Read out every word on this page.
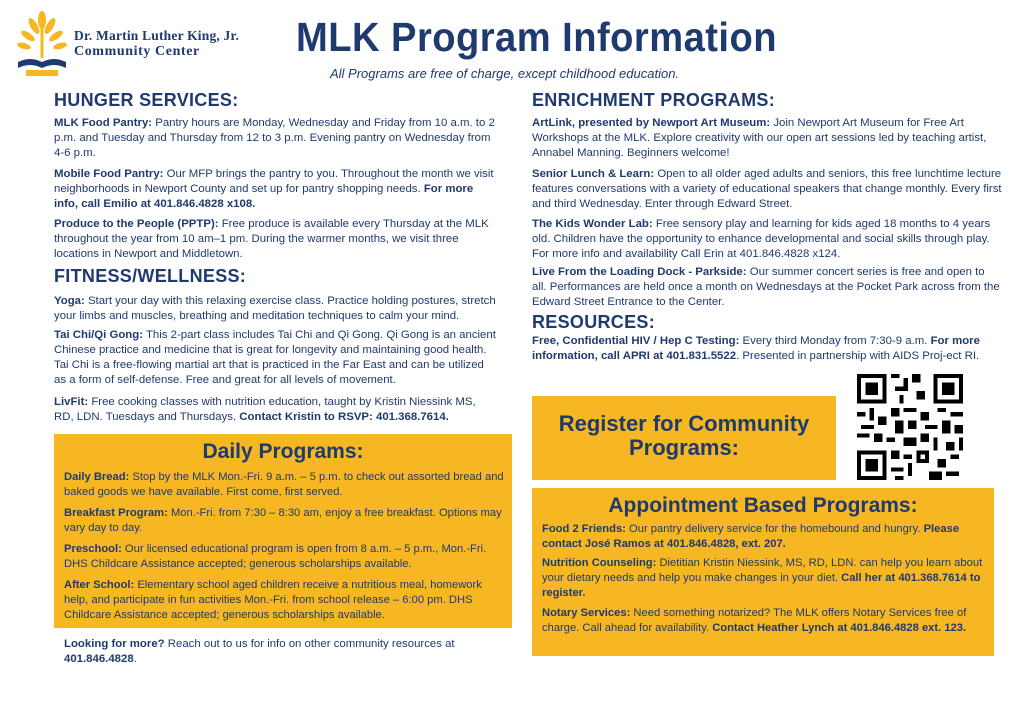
Dr. Martin Luther King, Jr.
Community Center	MLK Program Information
All Programs are free of charge, except childhood education.
HUNGER SERVICES:
MLK Food Pantry: Pantry hours are Monday, Wednesday and Friday from 10 a.m. to 2 p.m. and Tuesday and Thursday from 12 to 3 p.m. Evening pantry on Wednesday from 4-6 p.m.
Mobile Food Pantry: Our MFP brings the pantry to you. Throughout the month we visit neighborhoods in Newport County and set up for pantry shopping needs. For more info, call Emilio at 401.846.4828 x108.
Produce to the People (PPTP): Free produce is available every Thursday at the MLK throughout the year from 10 am–1 pm. During the warmer months, we visit three locations in Newport and Middletown.
FITNESS/WELLNESS:
Yoga: Start your day with this relaxing exercise class. Practice holding postures, stretch your limbs and muscles, breathing and meditation techniques to calm your mind.
Tai Chi/Qi Gong: This 2-part class includes Tai Chi and Qi Gong. Qi Gong is an ancient Chinese practice and medicine that is great for longevity and maintaining good health. Tai Chi is a free-flowing martial art that is practiced in the Far East and can be utilized as a form of self-defense. Free and great for all levels of movement.
LivFit: Free cooking classes with nutrition education, taught by Kristin Niessink MS, RD, LDN. Tuesdays and Thursdays. Contact Kristin to RSVP: 401.368.7614.
Daily Programs:
Daily Bread: Stop by the MLK Mon.-Fri. 9 a.m. – 5 p.m. to check out assorted bread and baked goods we have available. First come, first served.
Breakfast Program: Mon.-Fri. from 7:30 – 8:30 am, enjoy a free breakfast. Options may vary day to day.
Preschool: Our licensed educational program is open from 8 a.m. – 5 p.m., Mon.-Fri. DHS Childcare Assistance accepted; generous scholarships available.
After School: Elementary school aged children receive a nutritious meal, homework help, and participate in fun activities Mon.-Fri. from school release – 6:00 pm. DHS Childcare Assistance accepted; generous scholarships available.
Looking for more? Reach out to us for info on other community resources at 401.846.4828.
ENRICHMENT PROGRAMS:
ArtLink, presented by Newport Art Museum: Join Newport Art Museum for Free Art Workshops at the MLK. Explore creativity with our open art sessions led by teaching artist, Annabel Manning. Beginners welcome!
Senior Lunch & Learn: Open to all older aged adults and seniors, this free lunchtime lecture features conversations with a variety of educational speakers that change monthly. Every first and third Wednesday. Enter through Edward Street.
The Kids Wonder Lab: Free sensory play and learning for kids aged 18 months to 4 years old. Children have the opportunity to enhance developmental and social skills through play. For more info and availability Call Erin at 401.846.4828 x124.
Live From the Loading Dock - Parkside: Our summer concert series is free and open to all. Performances are held once a month on Wednesdays at the Pocket Park across from the Edward Street Entrance to the Center.
RESOURCES:
Free, Confidential HIV / Hep C Testing: Every third Monday from 7:30-9 a.m. For more information, call APRI at 401.831.5522. Presented in partnership with AIDS Proj-ect RI.
Register for Community
Programs:
Appointment Based Programs:
Food 2 Friends: Our pantry delivery service for the homebound and hungry. Please contact José Ramos at 401.846.4828, ext. 207.
Nutrition Counseling: Dietitian Kristin Niessink, MS, RD, LDN. can help you learn about your dietary needs and help you make changes in your diet. Call her at 401.368.7614 to register.
Notary Services: Need something notarized? The MLK offers Notary Services free of charge. Call ahead for availability. Contact Heather Lynch at 401.846.4828 ext. 123.
